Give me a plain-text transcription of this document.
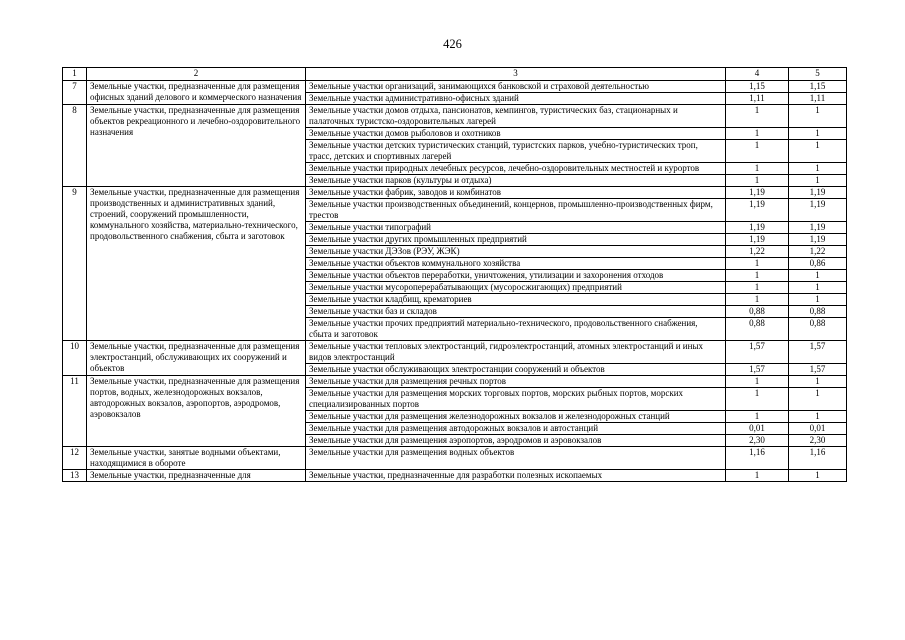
426
1	2	3	4	5
7	Земельные участки, предназначенные для размещения офисных зданий делового и коммерческого назначения	Земельные участки организаций, занимающихся банковской и страховой деятельностью	1,15	1,15
		Земельные участки административно-офисных зданий	1,11	1,11
8	Земельные участки, предназначенные для размещения объектов рекреационного и лечебно-оздоровительного назначения	Земельные участки домов отдыха, пансионатов, кемпингов, туристических баз, стационарных и палаточных туристско-оздоровительных лагерей	1	1
		Земельные участки домов рыболовов и охотников	1	1
		Земельные участки детских туристических станций, туристских парков, учебно-туристических троп, трасс, детских и спортивных лагерей	1	1
		Земельные участки природных лечебных ресурсов, лечебно-оздоровительных местностей и курортов	1	1
		Земельные участки парков (культуры и отдыха)	1	1
9	Земельные участки, предназначенные для размещения производственных и административных зданий, строений, сооружений промышленности, коммунального хозяйства, материально-технического, продовольственного снабжения, сбыта и заготовок	Земельные участки фабрик, заводов и комбинатов	1,19	1,19
		Земельные участки производственных объединений, концернов, промышленно-производственных фирм, трестов	1,19	1,19
		Земельные участки типографий	1,19	1,19
		Земельные участки других промышленных предприятий	1,19	1,19
		Земельные участки ДЭЗов (РЭУ, ЖЭК)	1,22	1,22
		Земельные участки объектов коммунального хозяйства	1	0,86
		Земельные участки объектов переработки, уничтожения, утилизации и захоронения отходов	1	1
		Земельные участки мусороперерабатывающих (мусоросжигающих) предприятий	1	1
		Земельные участки кладбищ, крематориев	1	1
		Земельные участки баз и складов	0,88	0,88
		Земельные участки прочих предприятий материально-технического, продовольственного снабжения, сбыта и заготовок	0,88	0,88
10	Земельные участки, предназначенные для размещения электростанций, обслуживающих их сооружений и объектов	Земельные участки тепловых электростанций, гидроэлектростанций, атомных электростанций и иных видов электростанций	1,57	1,57
		Земельные участки обслуживающих электростанции сооружений и объектов	1,57	1,57
11	Земельные участки, предназначенные для размещения портов, водных, железнодорожных вокзалов, автодорожных вокзалов, аэропортов, аэродромов, аэровокзалов	Земельные участки для размещения речных портов	1	1
		Земельные участки для размещения морских торговых портов, морских рыбных портов, морских специализированных портов	1	1
		Земельные участки для размещения железнодорожных вокзалов и железнодорожных станций	1	1
		Земельные участки для размещения автодорожных вокзалов и автостанций	0,01	0,01
		Земельные участки для размещения аэропортов, аэродромов и аэровокзалов	2,30	2,30
12	Земельные участки, занятые водными объектами, находящимися в обороте	Земельные участки для размещения водных объектов	1,16	1,16
13	Земельные участки, предназначенные для	Земельные участки, предназначенные для разработки полезных ископаемых	1	1
